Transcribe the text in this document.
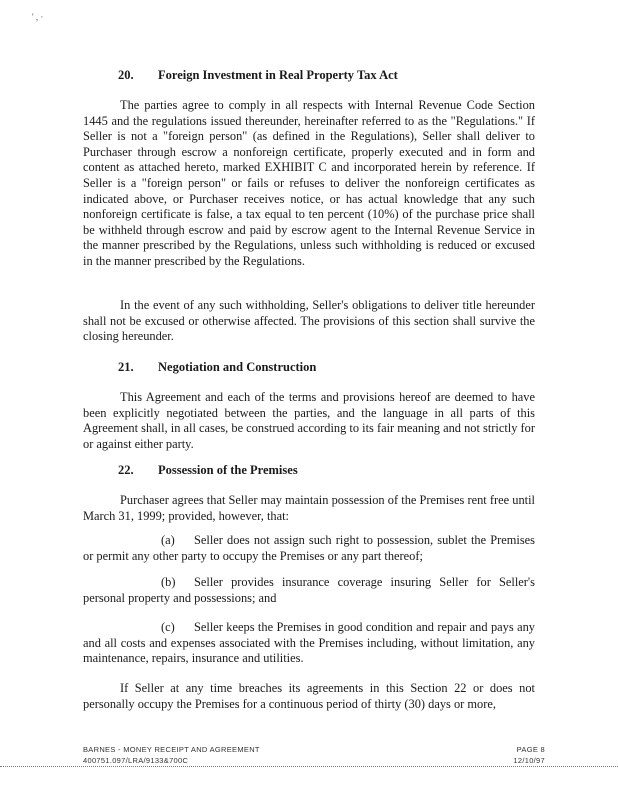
' , ·
20. Foreign Investment in Real Property Tax Act

The parties agree to comply in all respects with Internal Revenue Code Section 1445 and the regulations issued thereunder, hereinafter referred to as the "Regulations." If Seller is not a "foreign person" (as defined in the Regulations), Seller shall deliver to Purchaser through escrow a nonforeign certificate, properly executed and in form and content as attached hereto, marked EXHIBIT C and incorporated herein by reference. If Seller is a "foreign person" or fails or refuses to deliver the nonforeign certificates as indicated above, or Purchaser receives notice, or has actual knowledge that any such nonforeign certificate is false, a tax equal to ten percent (10%) of the purchase price shall be withheld through escrow and paid by escrow agent to the Internal Revenue Service in the manner prescribed by the Regulations, unless such withholding is reduced or excused in the manner prescribed by the Regulations.

In the event of any such withholding, Seller's obligations to deliver title hereunder shall not be excused or otherwise affected. The provisions of this section shall survive the closing hereunder.

21. Negotiation and Construction

This Agreement and each of the terms and provisions hereof are deemed to have been explicitly negotiated between the parties, and the language in all parts of this Agreement shall, in all cases, be construed according to its fair meaning and not strictly for or against either party.

22. Possession of the Premises

Purchaser agrees that Seller may maintain possession of the Premises rent free until March 31, 1999; provided, however, that:

(a) Seller does not assign such right to possession, sublet the Premises or permit any other party to occupy the Premises or any part thereof;

(b) Seller provides insurance coverage insuring Seller for Seller's personal property and possessions; and

(c) Seller keeps the Premises in good condition and repair and pays any and all costs and expenses associated with the Premises including, without limitation, any maintenance, repairs, insurance and utilities.

If Seller at any time breaches its agreements in this Section 22 or does not personally occupy the Premises for a continuous period of thirty (30) days or more,

BARNES - MONEY RECEIPT AND AGREEMENT	PAGE 8
400751.097/LRA/9133&700C	12/10/97
